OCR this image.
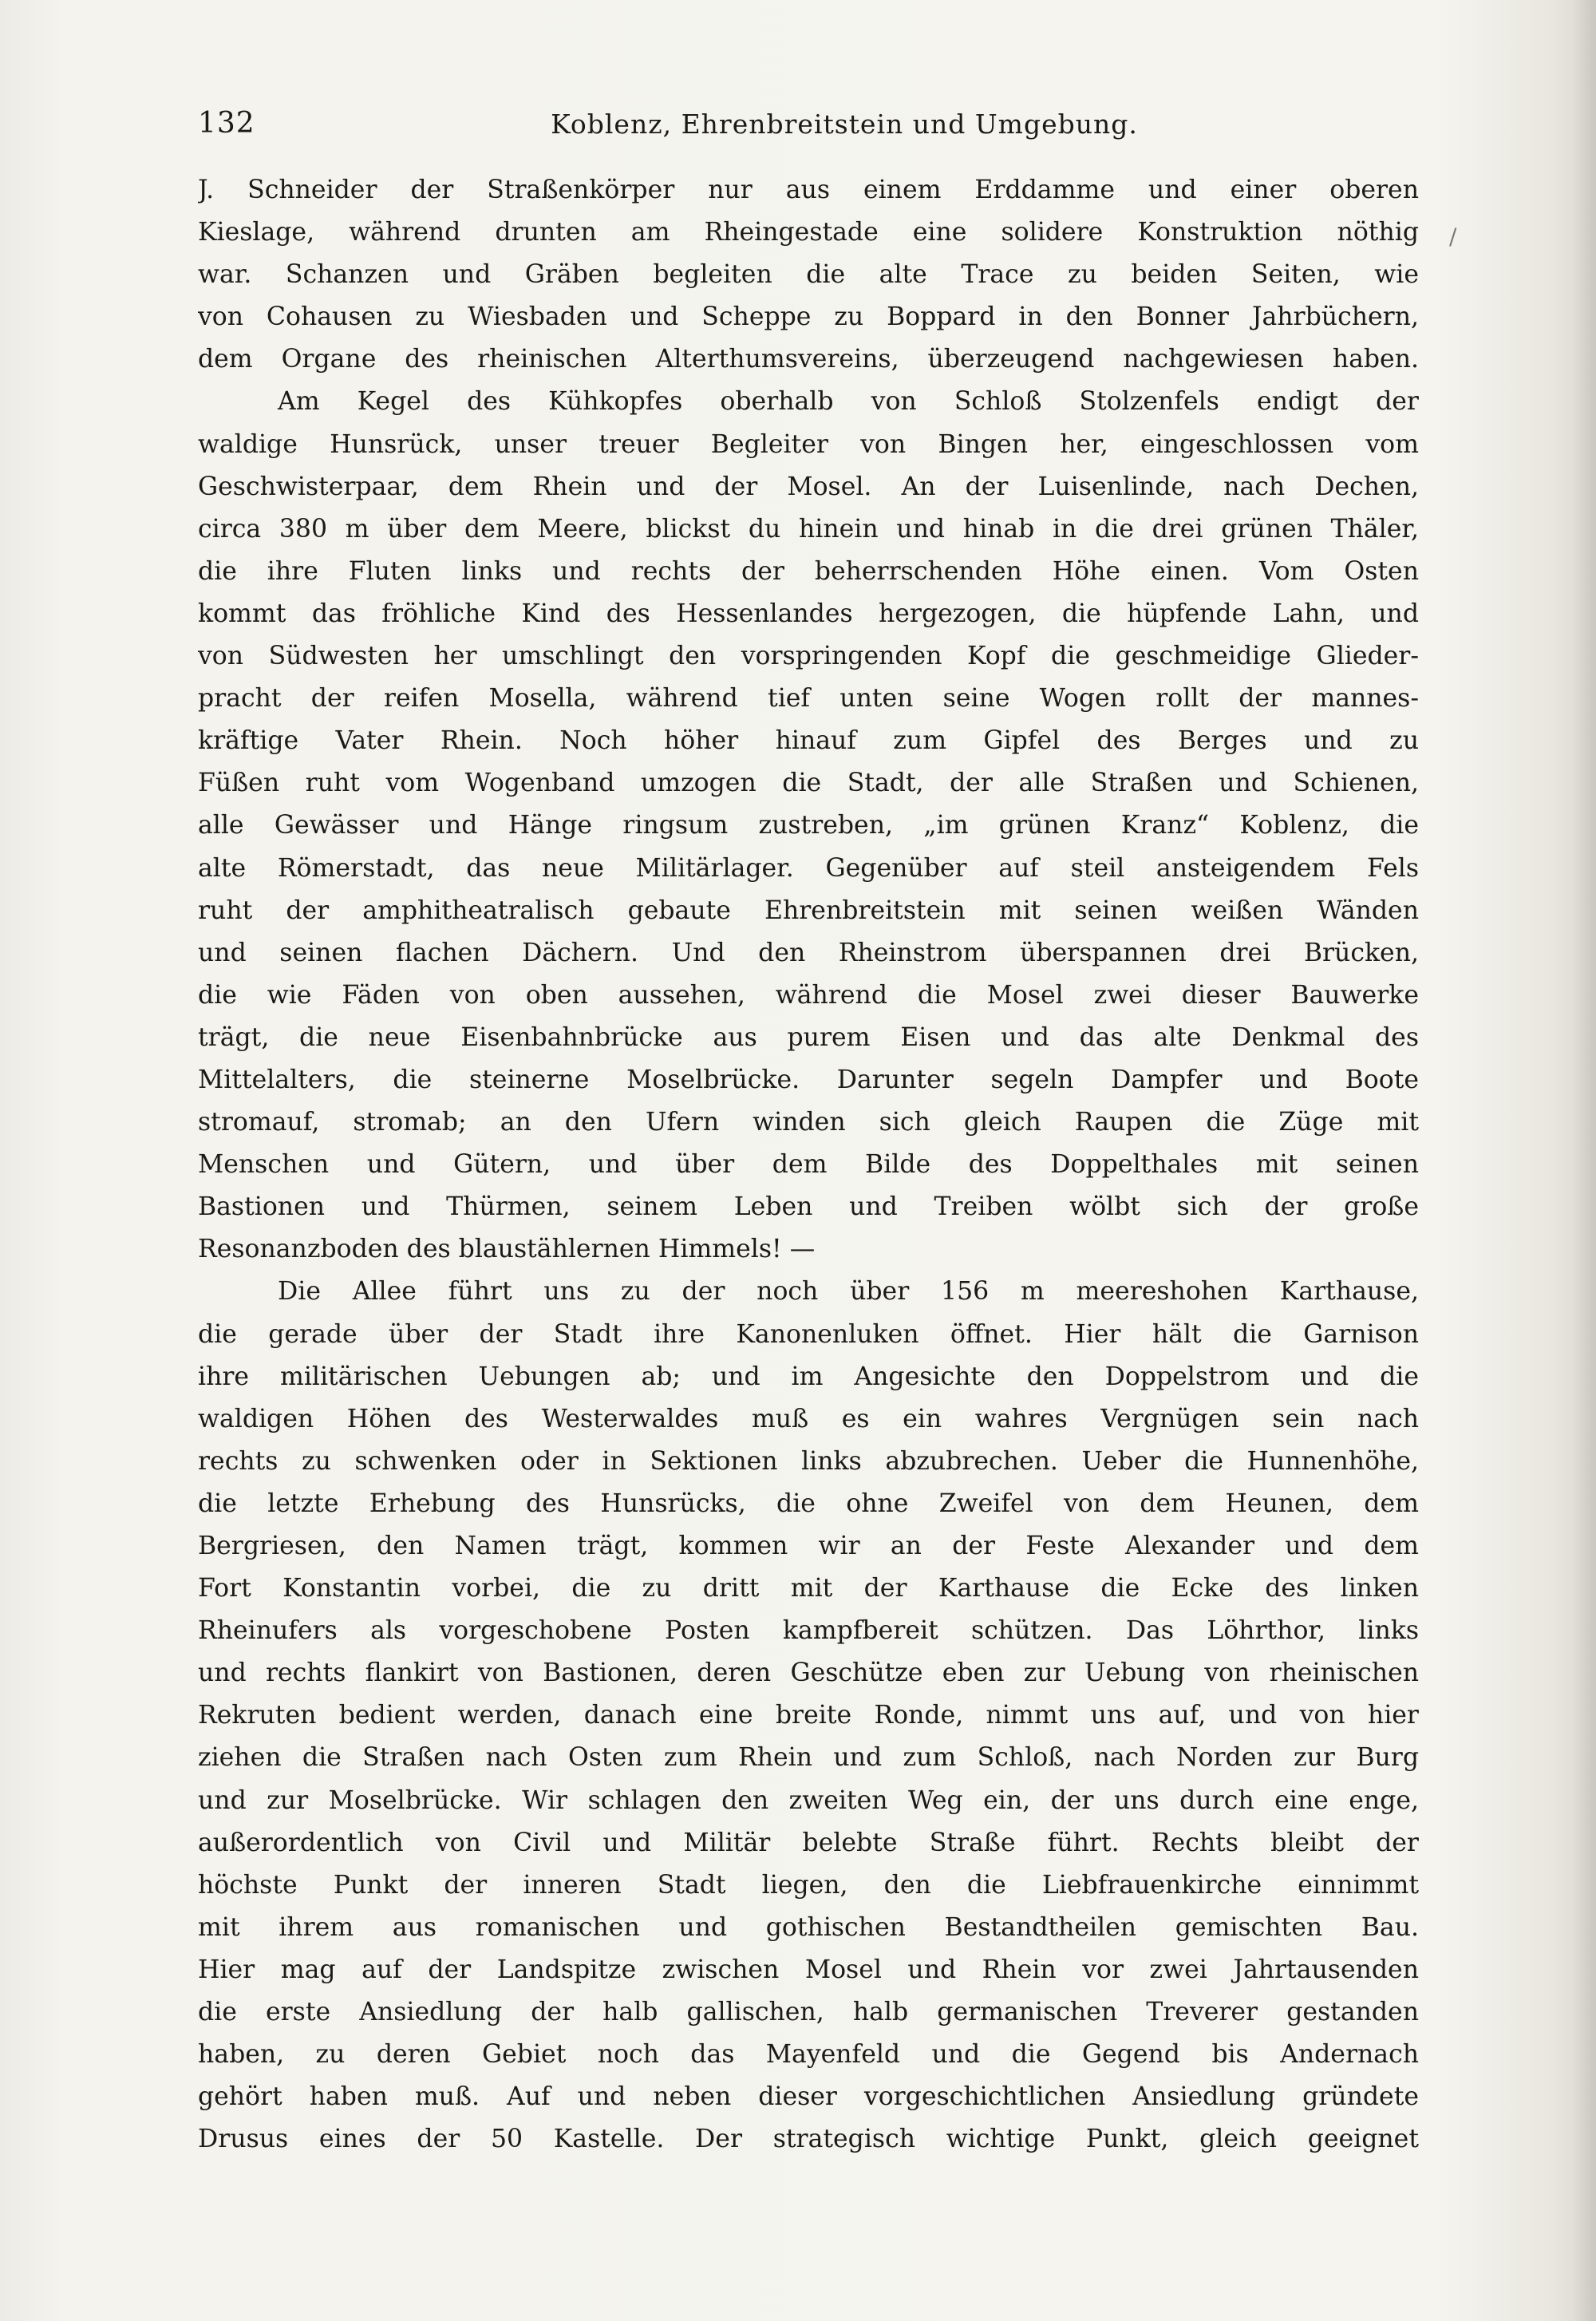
132	Koblenz, Ehrenbreitstein und Umgebung.
/
J. Schneider der Straßenkörper nur aus einem Erddamme und einer oberen
Kieslage, während drunten am Rheingestade eine solidere Konstruktion nöthig
war. Schanzen und Gräben begleiten die alte Trace zu beiden Seiten, wie
von Cohausen zu Wiesbaden und Scheppe zu Boppard in den Bonner Jahrbüchern,
dem Organe des rheinischen Alterthumsvereins, überzeugend nachgewiesen haben.
Am Kegel des Kühkopfes oberhalb von Schloß Stolzenfels endigt der
waldige Hunsrück, unser treuer Begleiter von Bingen her, eingeschlossen vom
Geschwisterpaar, dem Rhein und der Mosel. An der Luisenlinde, nach Dechen,
circa 380 m über dem Meere, blickst du hinein und hinab in die drei grünen Thäler,
die ihre Fluten links und rechts der beherrschenden Höhe einen. Vom Osten
kommt das fröhliche Kind des Hessenlandes hergezogen, die hüpfende Lahn, und
von Südwesten her umschlingt den vorspringenden Kopf die geschmeidige Glieder-
pracht der reifen Mosella, während tief unten seine Wogen rollt der mannes-
kräftige Vater Rhein. Noch höher hinauf zum Gipfel des Berges und zu
Füßen ruht vom Wogenband umzogen die Stadt, der alle Straßen und Schienen,
alle Gewässer und Hänge ringsum zustreben, „im grünen Kranz“ Koblenz, die
alte Römerstadt, das neue Militärlager. Gegenüber auf steil ansteigendem Fels
ruht der amphitheatralisch gebaute Ehrenbreitstein mit seinen weißen Wänden
und seinen flachen Dächern. Und den Rheinstrom überspannen drei Brücken,
die wie Fäden von oben aussehen, während die Mosel zwei dieser Bauwerke
trägt, die neue Eisenbahnbrücke aus purem Eisen und das alte Denkmal des
Mittelalters, die steinerne Moselbrücke. Darunter segeln Dampfer und Boote
stromauf, stromab; an den Ufern winden sich gleich Raupen die Züge mit
Menschen und Gütern, und über dem Bilde des Doppelthales mit seinen
Bastionen und Thürmen, seinem Leben und Treiben wölbt sich der große
Resonanzboden des blaustählernen Himmels! —
Die Allee führt uns zu der noch über 156 m meereshohen Karthause,
die gerade über der Stadt ihre Kanonenluken öffnet. Hier hält die Garnison
ihre militärischen Uebungen ab; und im Angesichte den Doppelstrom und die
waldigen Höhen des Westerwaldes muß es ein wahres Vergnügen sein nach
rechts zu schwenken oder in Sektionen links abzubrechen. Ueber die Hunnenhöhe,
die letzte Erhebung des Hunsrücks, die ohne Zweifel von dem Heunen, dem
Bergriesen, den Namen trägt, kommen wir an der Feste Alexander und dem
Fort Konstantin vorbei, die zu dritt mit der Karthause die Ecke des linken
Rheinufers als vorgeschobene Posten kampfbereit schützen. Das Löhrthor, links
und rechts flankirt von Bastionen, deren Geschütze eben zur Uebung von rheinischen
Rekruten bedient werden, danach eine breite Ronde, nimmt uns auf, und von hier
ziehen die Straßen nach Osten zum Rhein und zum Schloß, nach Norden zur Burg
und zur Moselbrücke. Wir schlagen den zweiten Weg ein, der uns durch eine enge,
außerordentlich von Civil und Militär belebte Straße führt. Rechts bleibt der
höchste Punkt der inneren Stadt liegen, den die Liebfrauenkirche einnimmt
mit ihrem aus romanischen und gothischen Bestandtheilen gemischten Bau.
Hier mag auf der Landspitze zwischen Mosel und Rhein vor zwei Jahrtausenden
die erste Ansiedlung der halb gallischen, halb germanischen Treverer gestanden
haben, zu deren Gebiet noch das Mayenfeld und die Gegend bis Andernach
gehört haben muß. Auf und neben dieser vorgeschichtlichen Ansiedlung gründete
Drusus eines der 50 Kastelle. Der strategisch wichtige Punkt, gleich geeignet
